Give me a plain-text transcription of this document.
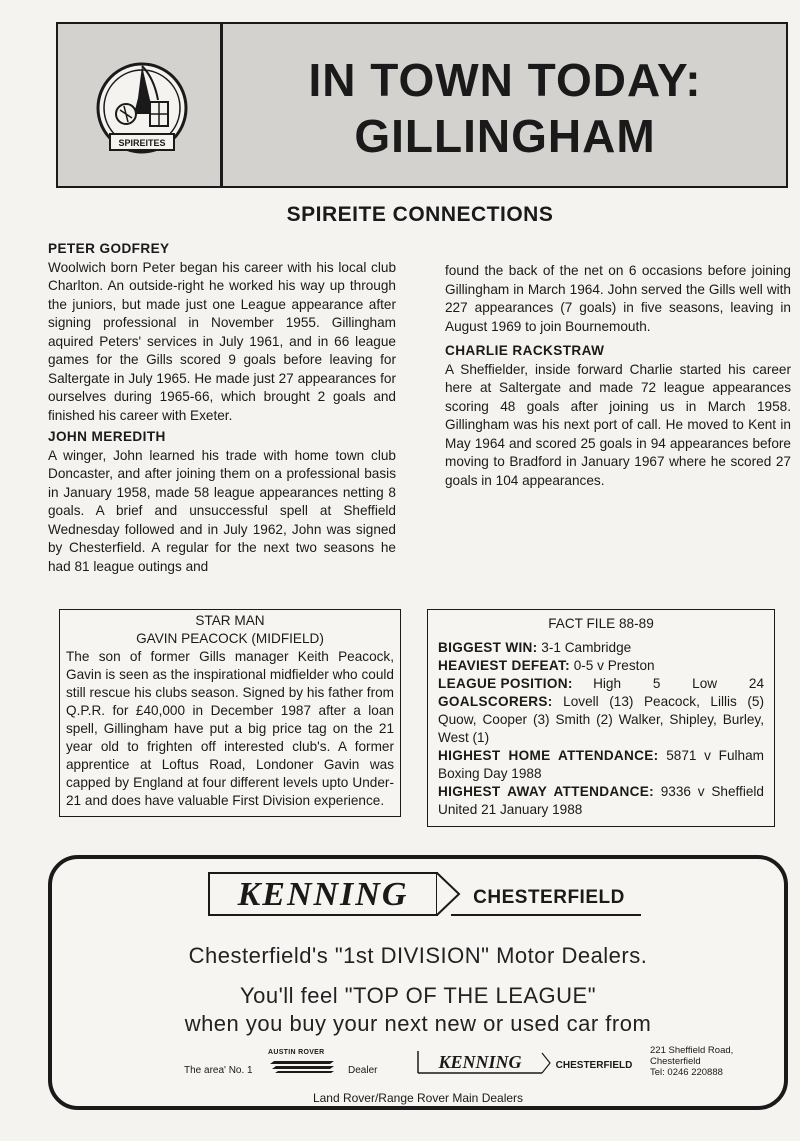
SPIREITES
IN TOWN TODAY:
GILLINGHAM
SPIREITE CONNECTIONS
PETER GODFREY
Woolwich born Peter began his career with his local club Charlton. An outside-right he worked his way up through the juniors, but made just one League appearance after signing professional in November 1955. Gillingham aquired Peters' services in July 1961, and in 66 league games for the Gills scored 9 goals before leaving for Saltergate in July 1965. He made just 27 appearances for ourselves during 1965-66, which brought 2 goals and finished his career with Exeter.
JOHN MEREDITH
A winger, John learned his trade with home town club Doncaster, and after joining them on a professional basis in January 1958, made 58 league appearances netting 8 goals. A brief and unsuccessful spell at Sheffield Wednesday followed and in July 1962, John was signed by Chesterfield. A regular for the next two seasons he had 81 league outings and
found the back of the net on 6 occasions before joining Gillingham in March 1964. John served the Gills well with 227 appearances (7 goals) in five seasons, leaving in August 1969 to join Bournemouth.
CHARLIE RACKSTRAW
A Sheffielder, inside forward Charlie started his career here at Saltergate and made 72 league appearances scoring 48 goals after joining us in March 1958. Gillingham was his next port of call. He moved to Kent in May 1964 and scored 25 goals in 94 appearances before moving to Bradford in January 1967 where he scored 27 goals in 104 appearances.
STAR MAN
GAVIN PEACOCK (MIDFIELD)
The son of former Gills manager Keith Peacock, Gavin is seen as the inspirational midfielder who could still rescue his clubs season. Signed by his father from Q.P.R. for £40,000 in December 1987 after a loan spell, Gillingham have put a big price tag on the 21 year old to frighten off interested club's. A former apprentice at Loftus Road, Londoner Gavin was capped by England at four different levels upto Under-21 and does have valuable First Division experience.
FACT FILE 88-89
BIGGEST WIN: 3-1 Cambridge
HEAVIEST DEFEAT: 0-5 v Preston
LEAGUE POSITION: High 5 Low 24
GOALSCORERS: Lovell (13) Peacock, Lillis (5) Quow, Cooper (3) Smith (2) Walker, Shipley, Burley, West (1)
HIGHEST HOME ATTENDANCE: 5871 v Fulham Boxing Day 1988
HIGHEST AWAY ATTENDANCE: 9336 v Sheffield United 21 January 1988
KENNING	CHESTERFIELD
Chesterfield's "1st DIVISION" Motor Dealers.
You'll feel "TOP OF THE LEAGUE"
when you buy your next new or used car from
The area' No. 1
AUSTIN ROVER
Dealer	KENNING	CHESTERFIELD
221 Sheffield Road,
Chesterfield
Tel: 0246 220888
Land Rover/Range Rover Main Dealers
